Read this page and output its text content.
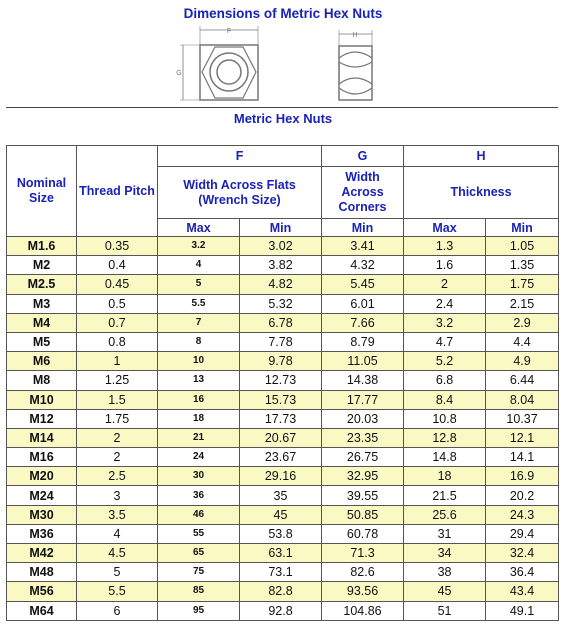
Dimensions of Metric Hex Nuts
F
G
H
Metric Hex Nuts
Nominal Size	Thread Pitch	F		G	H	
		Width Across Flats (Wrench Size)		Width Across Corners	Thickness	
		Max	Min	Min	Max	Min
M1.6	0.35	3.2	3.02	3.41	1.3	1.05
M2	0.4	4	3.82	4.32	1.6	1.35
M2.5	0.45	5	4.82	5.45	2	1.75
M3	0.5	5.5	5.32	6.01	2.4	2.15
M4	0.7	7	6.78	7.66	3.2	2.9
M5	0.8	8	7.78	8.79	4.7	4.4
M6	1	10	9.78	11.05	5.2	4.9
M8	1.25	13	12.73	14.38	6.8	6.44
M10	1.5	16	15.73	17.77	8.4	8.04
M12	1.75	18	17.73	20.03	10.8	10.37
M14	2	21	20.67	23.35	12.8	12.1
M16	2	24	23.67	26.75	14.8	14.1
M20	2.5	30	29.16	32.95	18	16.9
M24	3	36	35	39.55	21.5	20.2
M30	3.5	46	45	50.85	25.6	24.3
M36	4	55	53.8	60.78	31	29.4
M42	4.5	65	63.1	71.3	34	32.4
M48	5	75	73.1	82.6	38	36.4
M56	5.5	85	82.8	93.56	45	43.4
M64	6	95	92.8	104.86	51	49.1
